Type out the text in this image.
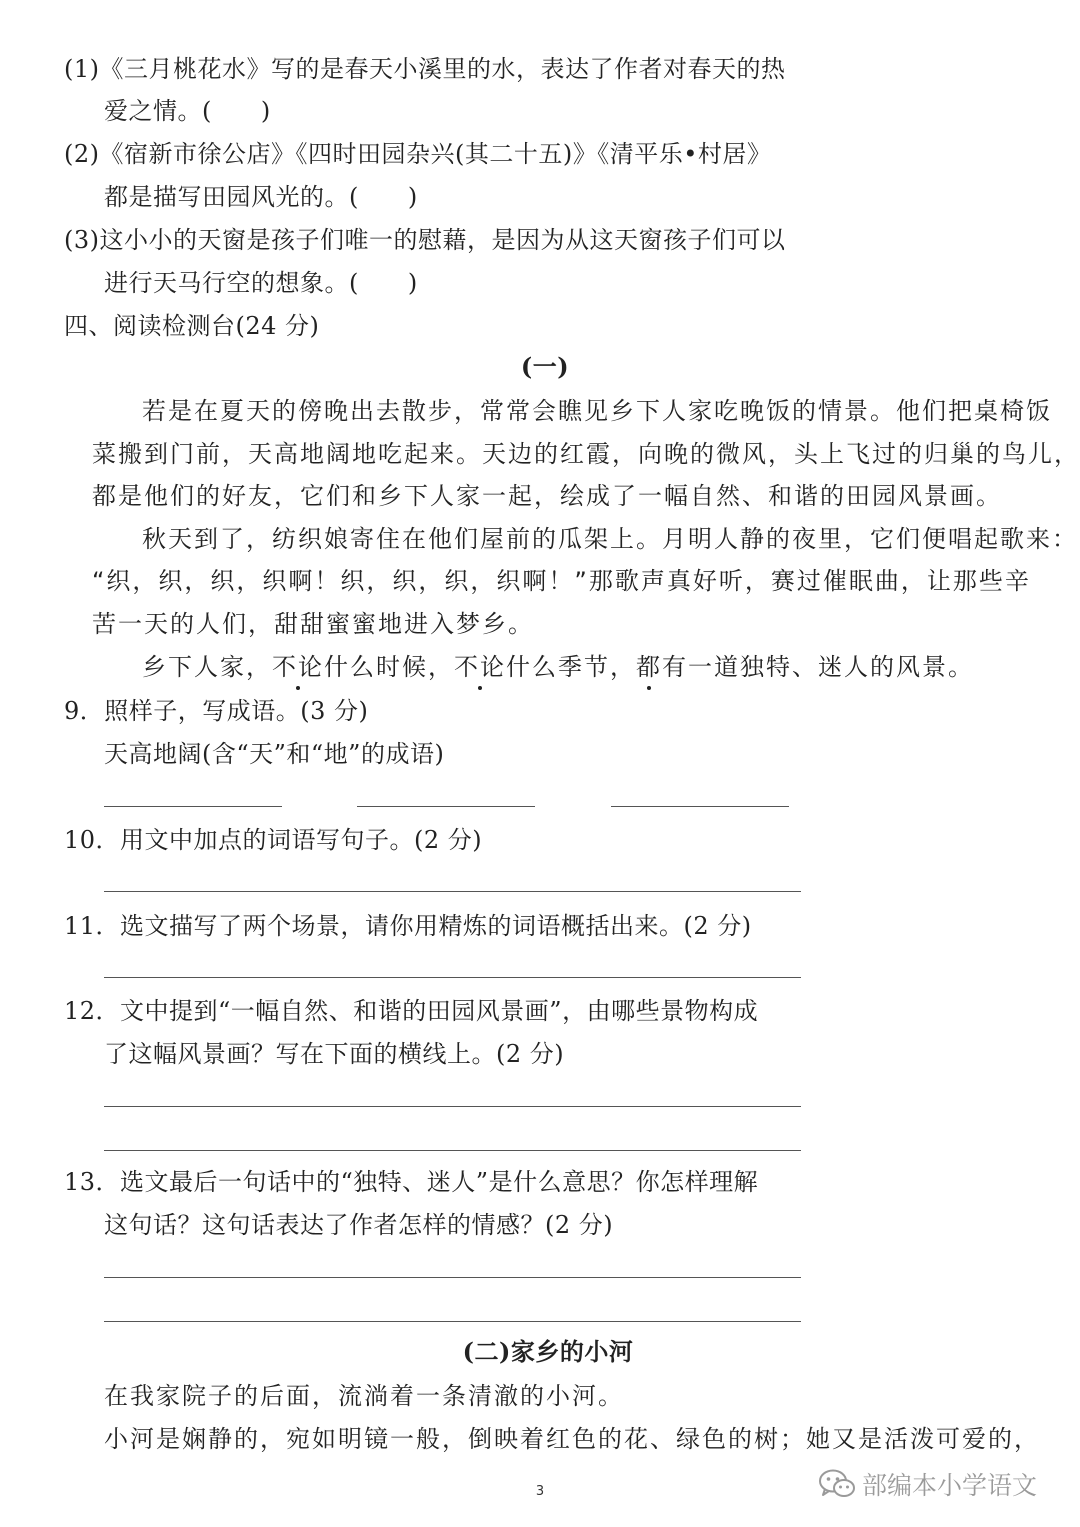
(1)《三月桃花水》写的是春天小溪里的水，表达了作者对春天的热
爱之情。(　　)
(2)《宿新市徐公店》《四时田园杂兴(其二十五)》《清平乐•村居》
都是描写田园风光的。(　　)
(3)这小小的天窗是孩子们唯一的慰藉，是因为从这天窗孩子们可以
进行天马行空的想象。(　　)
四、阅读检测台(24 分)
(一)
若是在夏天的傍晚出去散步，常常会瞧见乡下人家吃晚饭的情景。他们把桌椅饭
菜搬到门前，天高地阔地吃起来。天边的红霞，向晚的微风，头上飞过的归巢的鸟儿，
都是他们的好友，它们和乡下人家一起，绘成了一幅自然、和谐的田园风景画。
秋天到了，纺织娘寄住在他们屋前的瓜架上。月明人静的夜里，它们便唱起歌来：
“织，织，织，织啊！织，织，织，织啊！”那歌声真好听，赛过催眠曲，让那些辛
苦一天的人们，甜甜蜜蜜地进入梦乡。
乡下人家，不论什么时候，不论什么季节，都有一道独特、迷人的风景。
9．照样子，写成语。(3 分)
天高地阔(含“天”和“地”的成语)
10．用文中加点的词语写句子。(2 分)
11．选文描写了两个场景，请你用精炼的词语概括出来。(2 分)
12．文中提到“一幅自然、和谐的田园风景画”，由哪些景物构成
了这幅风景画？写在下面的横线上。(2 分)
13．选文最后一句话中的“独特、迷人”是什么意思？你怎样理解
这句话？这句话表达了作者怎样的情感？(2 分)
(二)家乡的小河
在我家院子的后面，流淌着一条清澈的小河。
小河是娴静的，宛如明镜一般，倒映着红色的花、绿色的树；她又是活泼可爱的，
3	部编本小学语文
